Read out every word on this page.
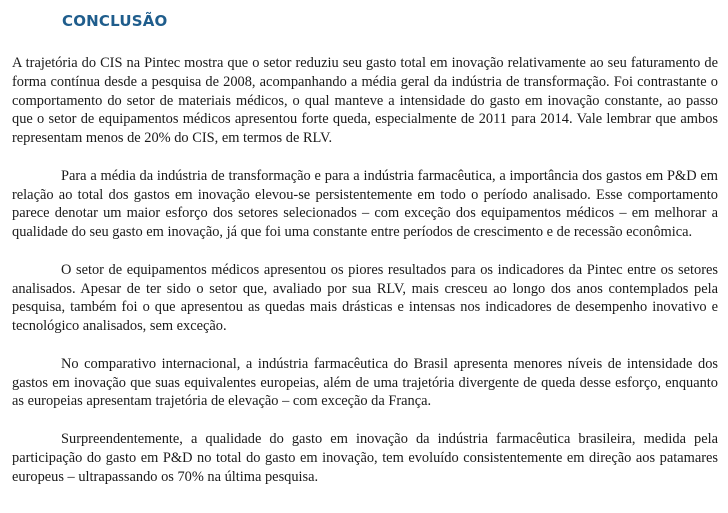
CONCLUSÃO

A trajetória do CIS na Pintec mostra que o setor reduziu seu gasto total em inovação relativamente ao seu faturamento de forma contínua desde a pesquisa de 2008, acompanhando a média geral da indústria de transformação. Foi contrastante o comportamento do setor de materiais médicos, o qual manteve a intensidade do gasto em inovação constante, ao passo que o setor de equipamentos médicos apresentou forte queda, especialmente de 2011 para 2014. Vale lembrar que ambos representam menos de 20% do CIS, em termos de RLV.

Para a média da indústria de transformação e para a indústria farmacêutica, a importância dos gastos em P&D em relação ao total dos gastos em inovação elevou-se persistentemente em todo o período analisado. Esse comportamento parece denotar um maior esforço dos setores selecionados – com exceção dos equipamentos médicos – em melhorar a qualidade do seu gasto em inovação, já que foi uma constante entre períodos de crescimento e de recessão econômica.

O setor de equipamentos médicos apresentou os piores resultados para os indicadores da Pintec entre os setores analisados. Apesar de ter sido o setor que, avaliado por sua RLV, mais cresceu ao longo dos anos contemplados pela pesquisa, também foi o que apresentou as quedas mais drásticas e intensas nos indicadores de desempenho inovativo e tecnológico analisados, sem exceção.

No comparativo internacional, a indústria farmacêutica do Brasil apresenta menores níveis de intensidade dos gastos em inovação que suas equivalentes europeias, além de uma trajetória divergente de queda desse esforço, enquanto as europeias apresentam trajetória de elevação – com exceção da França.

Surpreendentemente, a qualidade do gasto em inovação da indústria farmacêutica brasileira, medida pela participação do gasto em P&D no total do gasto em inovação, tem evoluído consistentemente em direção aos patamares europeus – ultrapassando os 70% na última pesquisa.
